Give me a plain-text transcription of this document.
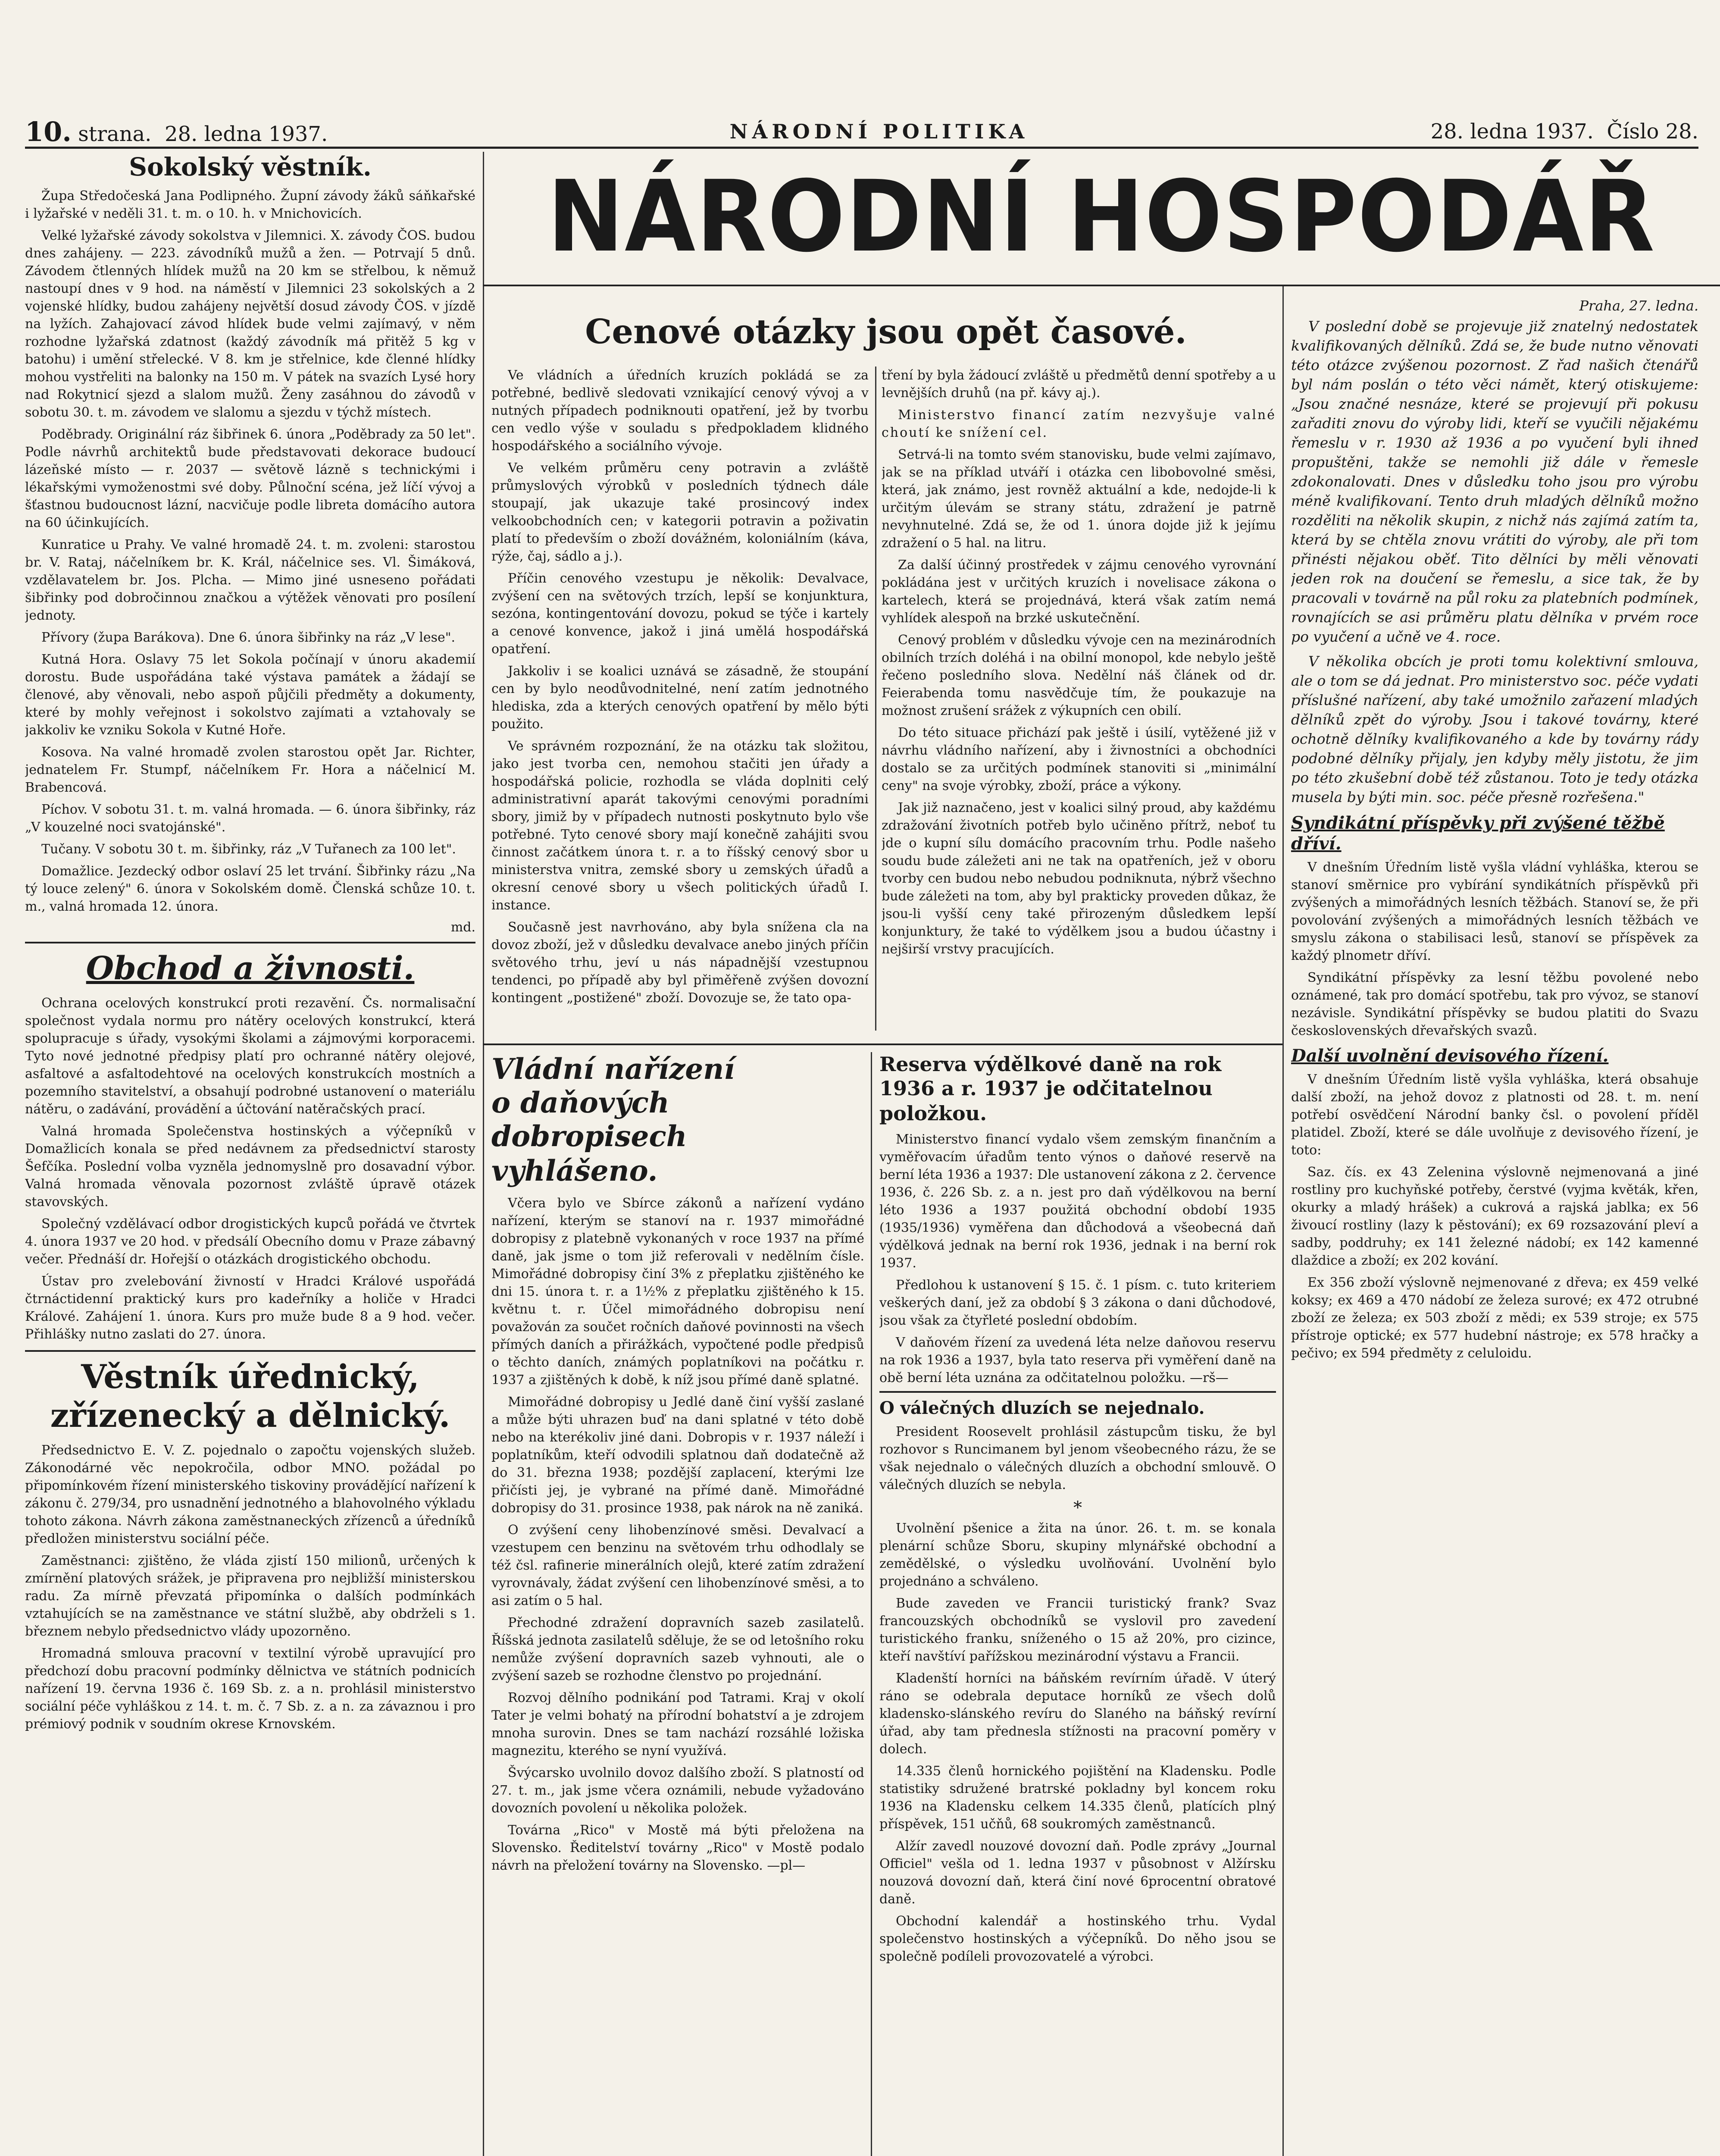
10. strana. 28. ledna 1937.	NÁRODNÍ POLITIKA	28. ledna 1937. Číslo 28.
NÁRODNÍ HOSPODÁŘ
Sokolský věstník.

Župa Středočeská Jana Podlipného. Župní závody žáků sáňkařské i lyžařské v neděli 31. t. m. o 10. h. v Mnichovicích.

Velké lyžařské závody sokolstva v Jilemnici. X. závody ČOS. budou dnes zahájeny. — 223. závodníků mužů a žen. — Potrvají 5 dnů. Závodem čtlenných hlídek mužů na 20 km se střelbou, k němuž nastoupí dnes v 9 hod. na náměstí v Jilemnici 23 sokolských a 2 vojenské hlídky, budou zahájeny největší dosud závody ČOS. v jízdě na lyžích. Zahajovací závod hlídek bude velmi zajímavý, v něm rozhodne lyžařská zdatnost (každý závodník má přitěž 5 kg v batohu) i umění střelecké. V 8. km je střelnice, kde členné hlídky mohou vystřeliti na balonky na 150 m. V pátek na svazích Lysé hory nad Rokytnicí sjezd a slalom mužů. Ženy zasáhnou do závodů v sobotu 30. t. m. závodem ve slalomu a sjezdu v týchž místech.

Poděbrady. Originální ráz šibřinek 6. února „Poděbrady za 50 let". Podle návrhů architektů bude představovati dekorace budoucí lázeňské místo — r. 2037 — světově lázně s technickými i lékařskými vymoženostmi své doby. Půlnoční scéna, jež líčí vývoj a šťastnou budoucnost lázní, nacvičuje podle libreta domácího autora na 60 účinkujících.

Kunratice u Prahy. Ve valné hromadě 24. t. m. zvoleni: starostou br. V. Rataj, náčelníkem br. K. Král, náčelnice ses. Vl. Šimáková, vzdělavatelem br. Jos. Plcha. — Mimo jiné usneseno pořádati šibřinky pod dobročinnou značkou a výtěžek věnovati pro posílení jednoty.

Přívory (župa Barákova). Dne 6. února šibřinky na ráz „V lese".

Kutná Hora. Oslavy 75 let Sokola počínají v únoru akademií dorostu. Bude uspořádána také výstava památek a žádají se členové, aby věnovali, nebo aspoň půjčili předměty a dokumenty, které by mohly veřejnost i sokolstvo zajímati a vztahovaly se jakkoliv ke vzniku Sokola v Kutné Hoře.

Kosova. Na valné hromadě zvolen starostou opět Jar. Richter, jednatelem Fr. Stumpf, náčelníkem Fr. Hora a náčelnicí M. Brabencová.

Píchov. V sobotu 31. t. m. valná hromada. — 6. února šibřinky, ráz „V kouzelné noci svatojánské".

Tučany. V sobotu 30 t. m. šibřinky, ráz „V Tuřanech za 100 let".

Domažlice. Jezdecký odbor oslaví 25 let trvání. Šibřinky rázu „Na tý louce zelený" 6. února v Sokolském domě. Členská schůze 10. t. m., valná hromada 12. února.

md.
Obchod a živnosti.

Ochrana ocelových konstrukcí proti rezavění. Čs. normalisační společnost vydala normu pro nátěry ocelových konstrukcí, která spolupracuje s úřady, vysokými školami a zájmovými korporacemi. Tyto nové jednotné předpisy platí pro ochranné nátěry olejové, asfaltové a asfaltodehtové na ocelových konstrukcích mostních a pozemního stavitelství, a obsahují podrobné ustanovení o materiálu nátěru, o zadávání, provádění a účtování natěračských prací.

Valná hromada Společenstva hostinských a výčepníků v Domažlicích konala se před nedávnem za předsednictví starosty Šefčíka. Poslední volba vyzněla jednomyslně pro dosavadní výbor. Valná hromada věnovala pozornost zvláště úpravě otázek stavovských.

Společný vzdělávací odbor drogistických kupců pořádá ve čtvrtek 4. února 1937 ve 20 hod. v předsálí Obecního domu v Praze zábavný večer. Přednáší dr. Hořejší o otázkách drogistického obchodu.

Ústav pro zvelebování živností v Hradci Králové uspořádá čtrnáctidenní praktický kurs pro kadeřníky a holiče v Hradci Králové. Zahájení 1. února. Kurs pro muže bude 8 a 9 hod. večer. Přihlášky nutno zaslati do 27. února.

Věstník úřednický,
zřízenecký a dělnický.

Předsednictvo E. V. Z. pojednalo o započtu vojenských služeb. Zákonodárné věc nepokročila, odbor MNO. požádal po připomínkovém řízení ministerského tiskoviny provádějící nařízení k zákonu č. 279/34, pro usnadnění jednotného a blahovolného výkladu tohoto zákona. Návrh zákona zaměstnaneckých zřízenců a úředníků předložen ministerstvu sociální péče.

Zaměstnanci: zjištěno, že vláda zjistí 150 milionů, určených k zmírnění platových srážek, je připravena pro nejbližší ministerskou radu. Za mírně převzatá připomínka o dalších podmínkách vztahujících se na zaměstnance ve státní službě, aby obdrželi s 1. březnem nebylo předsednictvo vlády upozorněno.

Hromadná smlouva pracovní v textilní výrobě upravující pro předchozí dobu pracovní podmínky dělnictva ve státních podnicích nařízení 19. června 1936 č. 169 Sb. z. a n. prohlásil ministerstvo sociální péče vyhláškou z 14. t. m. č. 7 Sb. z. a n. za závaznou i pro prémiový podnik v soudním okrese Krnovském.

Cenové otázky jsou opět časové.

Ve vládních a úředních kruzích pokládá se za potřebné, bedlivě sledovati vznikající cenový vývoj a v nutných případech podniknouti opatření, jež by tvorbu cen vedlo výše v souladu s předpokladem klidného hospodářského a sociálního vývoje.

Ve velkém průměru ceny potravin a zvláště průmyslových výrobků v posledních týdnech dále stoupají, jak ukazuje také prosincový index velkoobchodních cen; v kategorii potravin a poživatin platí to především o zboží dovážném, koloniálním (káva, rýže, čaj, sádlo a j.).

Příčin cenového vzestupu je několik: Devalvace, zvýšení cen na světových trzích, lepší se konjunktura, sezóna, kontingentování dovozu, pokud se týče i kartely a cenové konvence, jakož i jiná umělá hospodářská opatření.

Jakkoliv i se koalici uznává se zásadně, že stoupání cen by bylo neodůvodnitelné, není zatím jednotného hlediska, zda a kterých cenových opatření by mělo býti použito.

Ve správném rozpoznání, že na otázku tak složitou, jako jest tvorba cen, nemohou stačiti jen úřady a hospodářská policie, rozhodla se vláda doplniti celý administrativní aparát takovými cenovými poradními sbory, jimiž by v případech nutnosti poskytnuto bylo vše potřebné. Tyto cenové sbory mají konečně zahájiti svou činnost začátkem února t. r. a to říšský cenový sbor u ministerstva vnitra, zemské sbory u zemských úřadů a okresní cenové sbory u všech politických úřadů I. instance.

Současně jest navrhováno, aby byla snížena cla na dovoz zboží, jež v důsledku devalvace anebo jiných příčin světového trhu, jeví u nás nápadnější vzestupnou tendenci, po případě aby byl přiměřeně zvýšen dovozní kontingent „postižené" zboží. Dovozuje se, že tato opa-

tření by byla žádoucí zvláště u předmětů denní spotřeby a u levnějších druhů (na př. kávy aj.).

Ministerstvo financí zatím nezvyšuje valné choutí ke snížení cel.

Setrvá-li na tomto svém stanovisku, bude velmi zajímavo, jak se na příklad utváří i otázka cen libobovolné směsi, která, jak známo, jest rovněž aktuální a kde, nedojde-li k určitým úlevám se strany státu, zdražení je patrně nevyhnutelné. Zdá se, že od 1. února dojde již k jejímu zdražení o 5 hal. na litru.

Za další účinný prostředek v zájmu cenového vyrovnání pokládána jest v určitých kruzích i novelisace zákona o kartelech, která se projednává, která však zatím nemá vyhlídek alespoň na brzké uskutečnění.

Cenový problém v důsledku vývoje cen na mezinárodních obilních trzích doléhá i na obilní monopol, kde nebylo ještě řečeno posledního slova. Nedělní náš článek od dr. Feierabenda tomu nasvědčuje tím, že poukazuje na možnost zrušení srážek z výkupních cen obilí.

Do této situace přichází pak ještě i úsilí, vytěžené již v návrhu vládního nařízení, aby i živnostníci a obchodníci dostalo se za určitých podmínek stanoviti si „minimální ceny" na svoje výrobky, zboží, práce a výkony.

Jak již naznačeno, jest v koalici silný proud, aby každému zdražování životních potřeb bylo učiněno přítrž, neboť tu jde o kupní sílu domácího pracovním trhu. Podle našeho soudu bude záležeti ani ne tak na opatřeních, jež v oboru tvorby cen budou nebo nebudou podniknuta, nýbrž všechno bude záležeti na tom, aby byl prakticky proveden důkaz, že jsou-li vyšší ceny také přirozeným důsledkem lepší konjunktury, že také to výdělkem jsou a budou účastny i nejširší vrstvy pracujících.

Vládní nařízení
o daňových dobropisech
vyhlášeno.

Včera bylo ve Sbírce zákonů a nařízení vydáno nařízení, kterým se stanoví na r. 1937 mimořádné dobropisy z platebně vykonaných v roce 1937 na přímé daně, jak jsme o tom již referovali v nedělním čísle. Mimořádné dobropisy činí 3% z přeplatku zjištěného ke dni 15. února t. r. a 1½% z přeplatku zjištěného k 15. květnu t. r. Účel mimořádného dobropisu není považován za součet ročních daňové povinnosti na všech přímých daních a přirážkách, vypočtené podle předpisů o těchto daních, známých poplatníkovi na počátku r. 1937 a zjištěných k době, k níž jsou přímé daně splatné.

Mimořádné dobropisy u Jedlé daně činí vyšší zaslané a může býti uhrazen buď na dani splatné v této době nebo na kterékoliv jiné dani. Dobropis v r. 1937 náleží i poplatníkům, kteří odvodili splatnou daň dodatečně až do 31. března 1938; pozdější zaplacení, kterými lze přičísti jej, je vybrané na přímé daně. Mimořádné dobropisy do 31. prosince 1938, pak nárok na ně zaniká.

O zvýšení ceny lihobenzínové směsi. Devalvací a vzestupem cen benzinu na světovém trhu odhodlaly se též čsl. rafinerie minerálních olejů, které zatím zdražení vyrovnávaly, žádat zvýšení cen lihobenzínové směsi, a to asi zatím o 5 hal.

Přechodné zdražení dopravních sazeb zasilatelů. Říšská jednota zasilatelů sděluje, že se od letošního roku nemůže zvýšení dopravních sazeb vyhnouti, ale o zvýšení sazeb se rozhodne členstvo po projednání.

Rozvoj dělního podnikání pod Tatrami. Kraj v okolí Tater je velmi bohatý na přírodní bohatství a je zdrojem mnoha surovin. Dnes se tam nachází rozsáhlé ložiska magnezitu, kterého se nyní využívá.

Švýcarsko uvolnilo dovoz dalšího zboží. S platností od 27. t. m., jak jsme včera oznámili, nebude vyžadováno dovozních povolení u několika položek.

Továrna „Rico" v Mostě má býti přeložena na Slovensko. Ředitelství továrny „Rico" v Mostě podalo návrh na přeložení továrny na Slovensko. —pl—

Reserva výdělkové daně na rok
1936 a r. 1937 je odčitatelnou
položkou.

Ministerstvo financí vydalo všem zemským finančním a vyměřovacím úřadům tento výnos o daňové reservě na berní léta 1936 a 1937: Dle ustanovení zákona z 2. července 1936, č. 226 Sb. z. a n. jest pro daň výdělkovou na berní léto 1936 a 1937 použitá obchodní období 1935 (1935/1936) vyměřena dan důchodová a všeobecná daň výdělková jednak na berní rok 1936, jednak i na berní rok 1937.

Předlohou k ustanovení § 15. č. 1 písm. c. tuto kriteriem veškerých daní, jež za období § 3 zákona o dani důchodové, jsou však za čtyřleté poslední obdobím.

V daňovém řízení za uvedená léta nelze daňovou reservu na rok 1936 a 1937, byla tato reserva při vyměření daně na obě berní léta uznána za odčitatelnou položku. —rš—

O válečných dluzích se nejednalo.

President Roosevelt prohlásil zástupcům tisku, že byl rozhovor s Runcimanem byl jenom všeobecného rázu, že se však nejednalo o válečných dluzích a obchodní smlouvě. O válečných dluzích se nebyla.

*

Uvolnění pšenice a žita na únor. 26. t. m. se konala plenární schůze Sboru, skupiny mlynářské obchodní a zemědělské, o výsledku uvolňování. Uvolnění bylo projednáno a schváleno.

Bude zaveden ve Francii turistický frank? Svaz francouzských obchodníků se vyslovil pro zavedení turistického franku, sníženého o 15 až 20%, pro cizince, kteří navštíví pařížskou mezinárodní výstavu a Francii.

Kladenští horníci na báňském revírním úřadě. V úterý ráno se odebrala deputace horníků ze všech dolů kladensko-slánského revíru do Slaného na báňský revírní úřad, aby tam přednesla stížnosti na pracovní poměry v dolech.

14.335 členů hornického pojištění na Kladensku. Podle statistiky sdružené bratrské pokladny byl koncem roku 1936 na Kladensku celkem 14.335 členů, platících plný příspěvek, 151 učňů, 68 soukromých zaměstnanců.

Alžír zavedl nouzové dovozní daň. Podle zprávy „Journal Officiel" vešla od 1. ledna 1937 v působnost v Alžírsku nouzová dovozní daň, která činí nové 6procentní obratové daně.

Obchodní kalendář a hostinského trhu. Vydal společenstvo hostinských a výčepníků. Do něho jsou se společně podíleli provozovatelé a výrobci.

Praha, 27. ledna.
V poslední době se projevuje již znatelný nedostatek kvalifikovaných dělníků. Zdá se, že bude nutno věnovati této otázce zvýšenou pozornost. Z řad našich čtenářů byl nám poslán o této věci námět, který otiskujeme: „Jsou značné nesnáze, které se projevují při pokusu zařaditi znovu do výroby lidi, kteří se vyučili nějakému řemeslu v r. 1930 až 1936 a po vyučení byli ihned propuštěni, takže se nemohli již dále v řemesle zdokonalovati. Dnes v důsledku toho jsou pro výrobu méně kvalifikovaní. Tento druh mladých dělníků možno rozděliti na několik skupin, z nichž nás zajímá zatím ta, která by se chtěla znovu vrátiti do výroby, ale při tom přinésti nějakou oběť. Tito dělníci by měli věnovati jeden rok na doučení se řemeslu, a sice tak, že by pracovali v továrně na půl roku za platebních podmínek, rovnajících se asi průměru platu dělníka v prvém roce po vyučení a učně ve 4. roce.
V několika obcích je proti tomu kolektivní smlouva, ale o tom se dá jednat. Pro ministerstvo soc. péče vydati příslušné nařízení, aby také umožnilo zařazení mladých dělníků zpět do výroby. Jsou i takové továrny, které ochotně dělníky kvalifikovaného a kde by továrny rády podobné dělníky přijaly, jen kdyby měly jistotu, že jim po této zkušební době též zůstanou. Toto je tedy otázka musela by býti min. soc. péče přesně rozřešena."
Syndikátní příspěvky při zvýšené těžbě dříví.

V dnešním Úředním listě vyšla vládní vyhláška, kterou se stanoví směrnice pro vybírání syndikátních příspěvků při zvýšených a mimořádných lesních těžbách. Stanoví se, že při povolování zvýšených a mimořádných lesních těžbách ve smyslu zákona o stabilisaci lesů, stanoví se příspěvek za každý plnometr dříví.

Syndikátní příspěvky za lesní těžbu povolené nebo oznámené, tak pro domácí spotřebu, tak pro vývoz, se stanoví nezávisle. Syndikátní příspěvky se budou platiti do Svazu československých dřevařských svazů.

Další uvolnění devisového řízení.

V dnešním Úředním listě vyšla vyhláška, která obsahuje další zboží, na jehož dovoz z platnosti od 28. t. m. není potřebí osvědčení Národní banky čsl. o povolení příděl platidel. Zboží, které se dále uvolňuje z devisového řízení, je toto:

Saz. čís. ex 43 Zelenina výslovně nejmenovaná a jiné rostliny pro kuchyňské potřeby, čerstvé (vyjma květák, křen, okurky a mladý hrášek) a cukrová a rajská jablka; ex 56 živoucí rostliny (lazy k pěstování); ex 69 rozsazování pleví a sadby, poddruhy; ex 141 železné nádobí; ex 142 kamenné dlaždice a zboží; ex 202 kování.

Ex 356 zboží výslovně nejmenované z dřeva; ex 459 velké koksy; ex 469 a 470 nádobí ze železa surové; ex 472 otrubné zboží ze železa; ex 503 zboží z mědi; ex 539 stroje; ex 575 přístroje optické; ex 577 hudební nástroje; ex 578 hračky a pečivo; ex 594 předměty z celuloidu.
